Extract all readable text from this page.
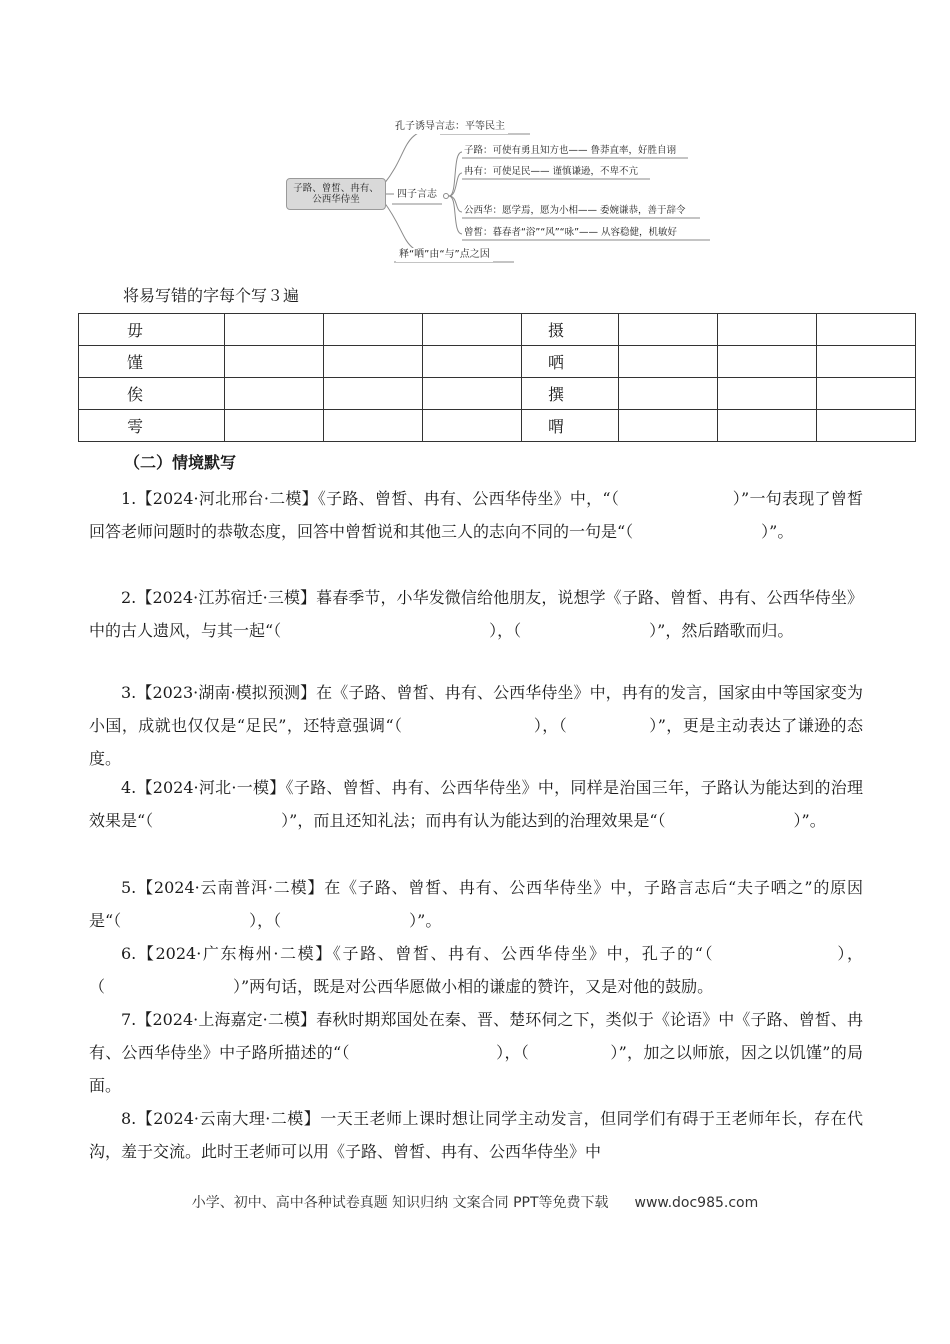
子路、曾皙、冉有、
公西华侍坐
孔子诱导言志：平等民主
四子言志
释“哂”由“与”点之因
子路：可使有勇且知方也—— 鲁莽直率，好胜自诩
冉有：可使足民—— 谨慎谦逊，不卑不亢
公西华：愿学焉，愿为小相—— 委婉谦恭，善于辞令
曾皙：暮春者“浴”“风”“咏”—— 从容稳健，机敏好
将易写错的字每个写３遍
毋				摄			
馑				哂			
俟				撰			
雩				喟			
（二）情境默写

1.【2024·河北邢台·二模】《子路、曾皙、冉有、公西华侍坐》中，“（　　　　　　　）”一句表现了曾皙回答老师问题时的恭敬态度，回答中曾皙说和其他三人的志向不同的一句是“（　　　　　　　　）”。

2.【2024·江苏宿迁·三模】暮春季节，小华发微信给他朋友，说想学《子路、曾皙、冉有、公西华侍坐》中的古人遗风，与其一起“（　　　　　　　　　　　　　），（　　　　　　　　）”，然后踏歌而归。

3.【2023·湖南·模拟预测】在《子路、曾皙、冉有、公西华侍坐》中，冉有的发言，国家由中等国家变为小国，成就也仅仅是“足民”，还特意强调“（　　　　　　　　），（　　　　　）”，更是主动表达了谦逊的态度。

4.【2024·河北·一模】《子路、曾皙、冉有、公西华侍坐》中，同样是治国三年，子路认为能达到的治理效果是“（　　　　　　　　）”，而且还知礼法；而冉有认为能达到的治理效果是“（　　　　　　　　）”。

5.【2024·云南普洱·二模】在《子路、曾皙、冉有、公西华侍坐》中，子路言志后“夫子哂之”的原因是“（　　　　　　　　），（　　　　　　　　）”。

6.【2024·广东梅州·二模】《子路、曾皙、冉有、公西华侍坐》中，孔子的“（　　　　　　　），（　　　　　　　　）”两句话，既是对公西华愿做小相的谦虚的赞许，又是对他的鼓励。

7.【2024·上海嘉定·二模】春秋时期郑国处在秦、晋、楚环伺之下，类似于《论语》中《子路、曾皙、冉有、公西华侍坐》中子路所描述的“（　　　　　　　　　），（　　　　　）”，加之以师旅，因之以饥馑”的局面。

8.【2024·云南大理·二模】一天王老师上课时想让同学主动发言，但同学们有碍于王老师年长，存在代沟，羞于交流。此时王老师可以用《子路、曾皙、冉有、公西华侍坐》中

小学、初中、高中各种试卷真题 知识归纳 文案合同 PPT等免费下载 www.doc985.com
